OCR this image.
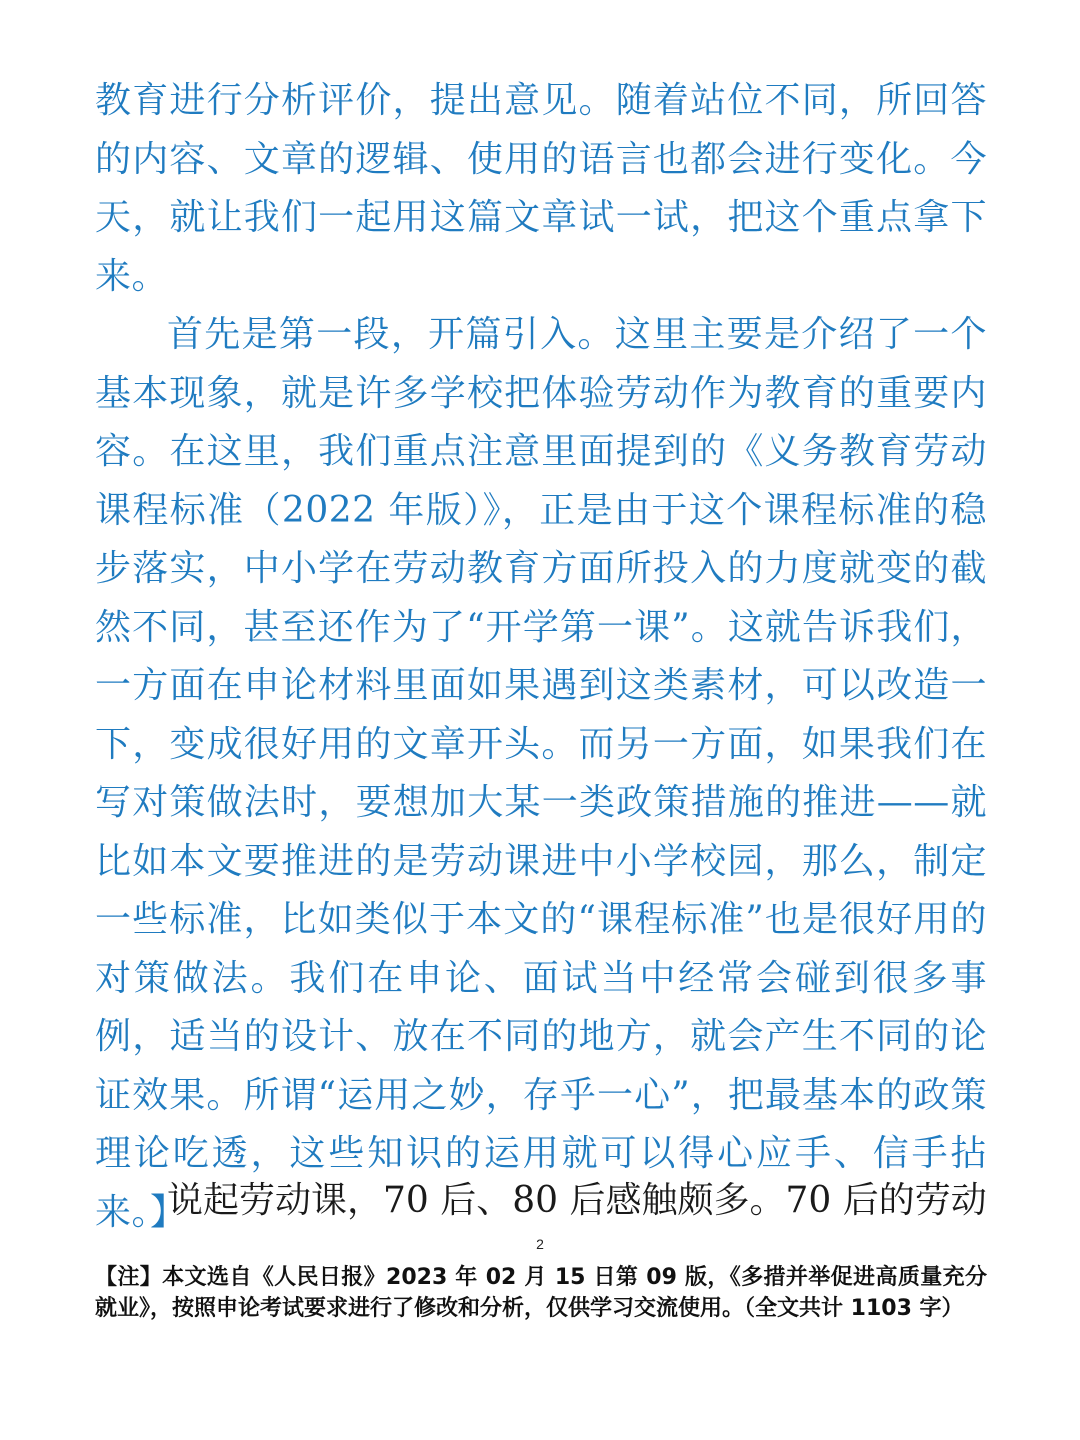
教育进行分析评价，提出意见。随着站位不同，所回答的内容、文章的逻辑、使用的语言也都会进行变化。今天，就让我们一起用这篇文章试一试，把这个重点拿下来。

首先是第一段，开篇引入。这里主要是介绍了一个基本现象，就是许多学校把体验劳动作为教育的重要内容。在这里，我们重点注意里面提到的《义务教育劳动课程标准（2022 年版）》，正是由于这个课程标准的稳步落实，中小学在劳动教育方面所投入的力度就变的截然不同，甚至还作为了“开学第一课”。这就告诉我们，一方面在申论材料里面如果遇到这类素材，可以改造一下，变成很好用的文章开头。而另一方面，如果我们在写对策做法时，要想加大某一类政策措施的推进——就比如本文要推进的是劳动课进中小学校园，那么，制定一些标准，比如类似于本文的“课程标准”也是很好用的对策做法。我们在申论、面试当中经常会碰到很多事例，适当的设计、放在不同的地方，就会产生不同的论证效果。所谓“运用之妙，存乎一心”，把最基本的政策理论吃透，这些知识的运用就可以得心应手、信手拈来。】

说起劳动课，70 后、80 后感触颇多。70 后的劳动

2

【注】本文选自《人民日报》2023 年 02 月 15 日第 09 版，《多措并举促进高质量充分就业》，按照申论考试要求进行了修改和分析，仅供学习交流使用。（全文共计 1103 字）
